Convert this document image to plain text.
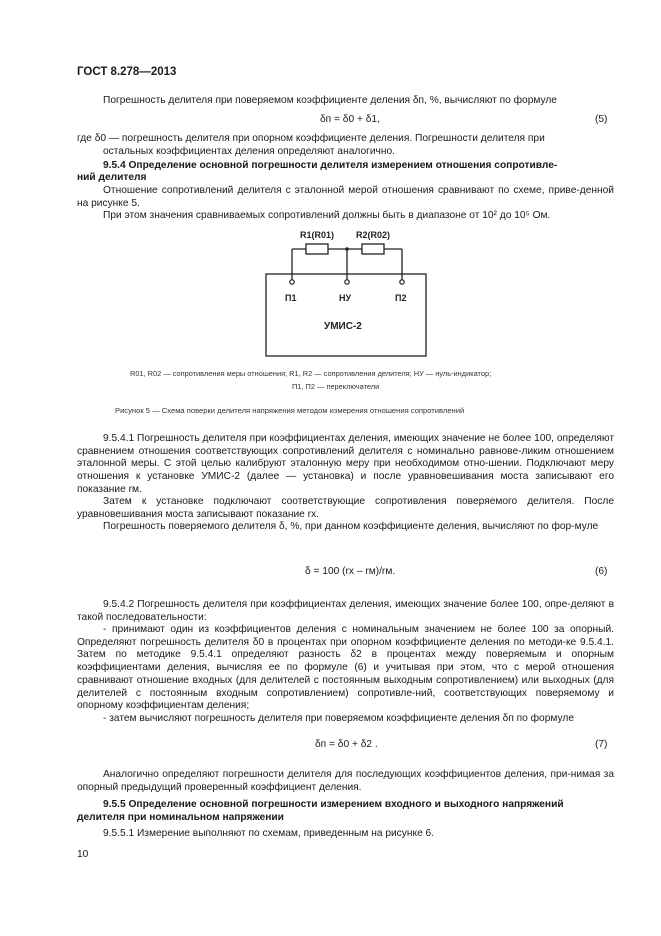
ГОСТ 8.278—2013
Погрешность делителя при поверяемом коэффициенте деления δп, %, вычисляют по формуле
δп = δ0 + δ1,	(5)
где δ0 — погрешность делителя при опорном коэффициенте деления. Погрешности делителя при
остальных коэффициентах деления определяют аналогично.
9.5.4 Определение основной погрешности делителя измерением отношения сопротивле-
ний делителя
Отношение сопротивлений делителя с эталонной мерой отношения сравнивают по схеме, приве-денной на рисунке 5.
При этом значения сравниваемых сопротивлений должны быть в диапазоне от 10² до 10⁵ Ом.
R1(R01) R2(R02)
П1	НУ	П2
УМИС-2
R01, R02 — сопротивления меры отношения; R1, R2 — сопротивления делителя; НУ — нуль-индикатор;
П1, П2 — переключатели
Рисунок 5 — Схема поверки делителя напряжения методом измерения отношения сопротивлений
9.5.4.1 Погрешность делителя при коэффициентах деления, имеющих значение не более 100, определяют сравнением отношения соответствующих сопротивлений делителя с номинально равнове-ликим отношением эталонной меры. С этой целью калибруют эталонную меру при необходимом отно-шении. Подключают меру отношения к установке УМИС-2 (далее — установка) и после уравновешивания моста записывают его показание rм.
Затем к установке подключают соответствующие сопротивления поверяемого делителя. После уравновешивания моста записывают показание rх.
Погрешность поверяемого делителя δ, %, при данном коэффициенте деления, вычисляют по фор-муле
δ = 100 (rх – rм)/rм.	(6)
9.5.4.2 Погрешность делителя при коэффициентах деления, имеющих значение более 100, опре-деляют в такой последовательности:
- принимают один из коэффициентов деления с номинальным значением не более 100 за опорный. Определяют погрешность делителя δ0 в процентах при опорном коэффициенте деления по методи-ке 9.5.4.1. Затем по методике 9.5.4.1 определяют разность δ2 в процентах между поверяемым и опорным коэффициентами деления, вычисляя ее по формуле (6) и учитывая при этом, что с мерой отношения сравнивают отношение входных (для делителей с постоянным выходным сопротивлением) или выходных (для делителей с постоянным входным сопротивлением) сопротивле-ний, соответствующих поверяемому и опорному коэффициентам деления;
- затем вычисляют погрешность делителя при поверяемом коэффициенте деления δп по формуле
δп = δ0 + δ2 .	(7)
Аналогично определяют погрешности делителя для последующих коэффициентов деления, при-нимая за опорный предыдущий проверенный коэффициент деления.
9.5.5 Определение основной погрешности измерением входного и выходного напряжений
делителя при номинальном напряжении
9.5.5.1 Измерение выполняют по схемам, приведенным на рисунке 6.
10
